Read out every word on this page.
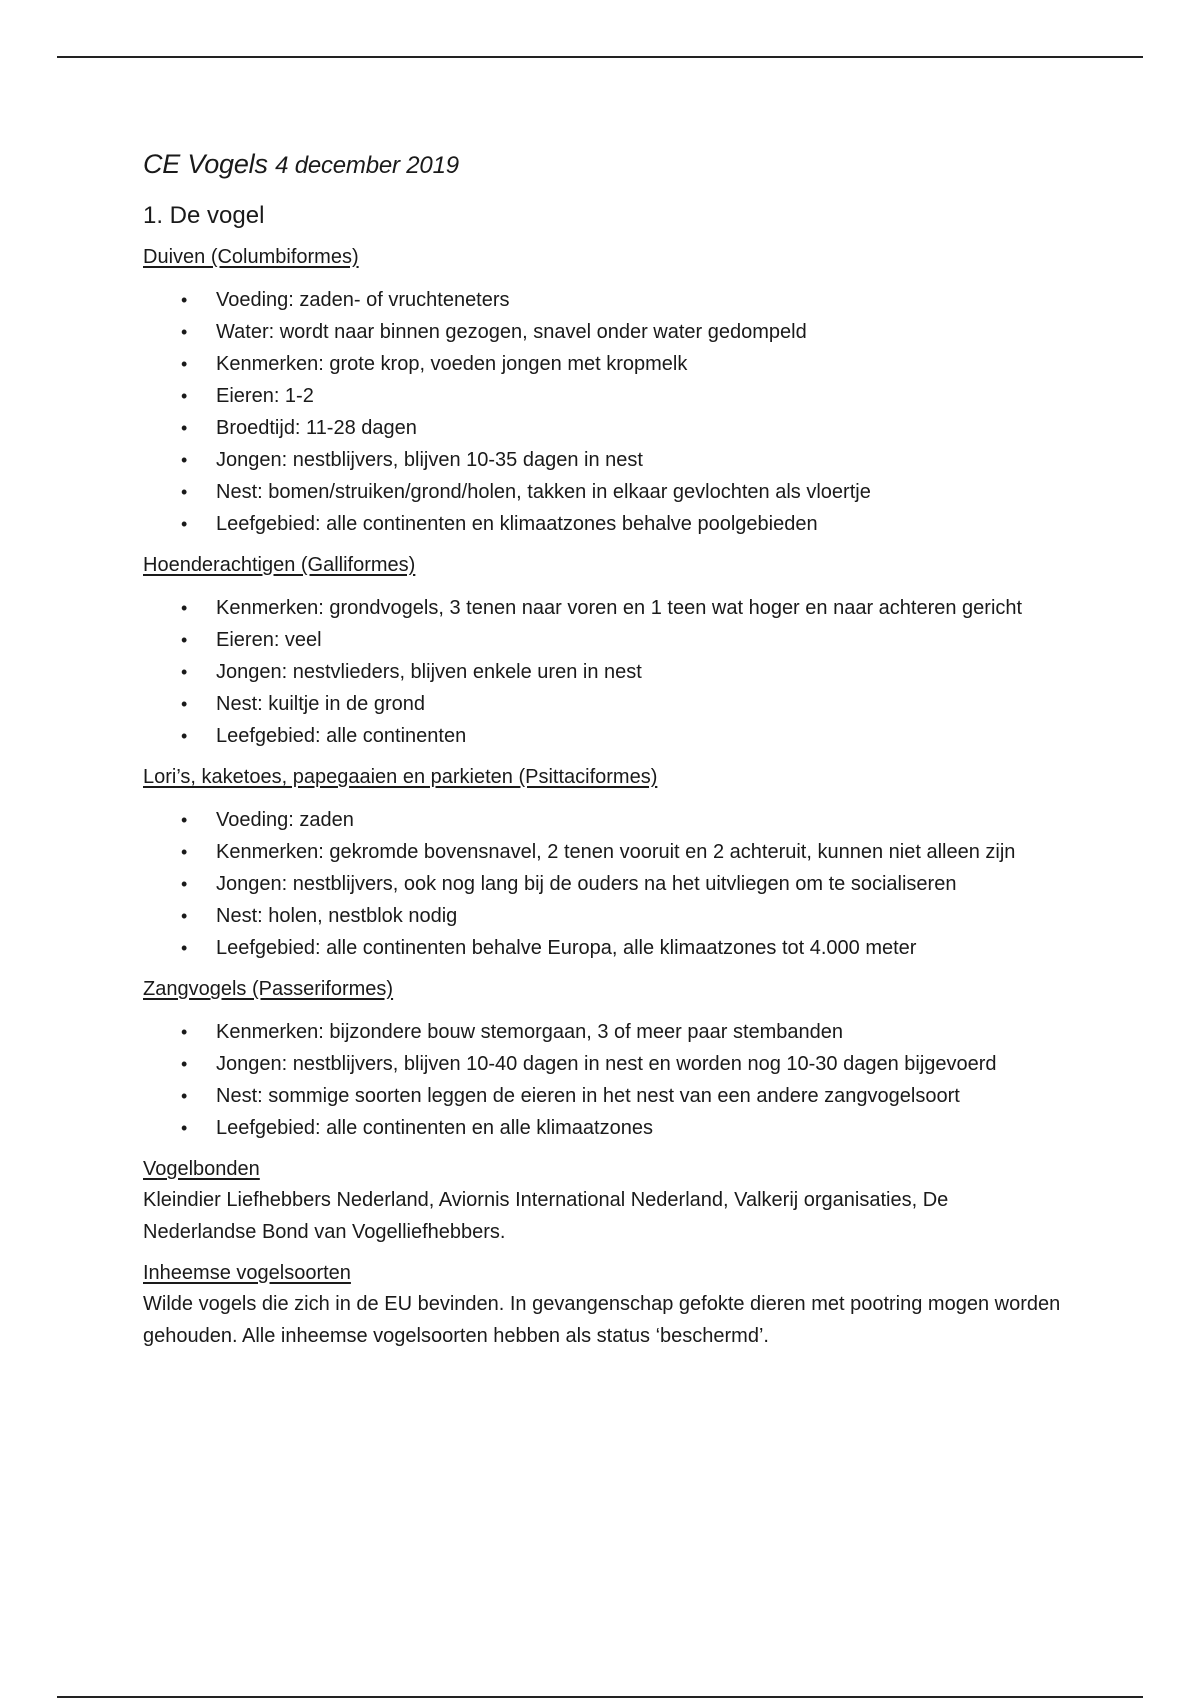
CE Vogels 4 december 2019
1. De vogel
Duiven (Columbiformes)
• Voeding: zaden- of vruchteneters
• Water: wordt naar binnen gezogen, snavel onder water gedompeld
• Kenmerken: grote krop, voeden jongen met kropmelk
• Eieren: 1-2
• Broedtijd: 11-28 dagen
• Jongen: nestblijvers, blijven 10-35 dagen in nest
• Nest: bomen/struiken/grond/holen, takken in elkaar gevlochten als vloertje
• Leefgebied: alle continenten en klimaatzones behalve poolgebieden
Hoenderachtigen (Galliformes)
• Kenmerken: grondvogels, 3 tenen naar voren en 1 teen wat hoger en naar achteren gericht
• Eieren: veel
• Jongen: nestvlieders, blijven enkele uren in nest
• Nest: kuiltje in de grond
• Leefgebied: alle continenten
Lori’s, kaketoes, papegaaien en parkieten (Psittaciformes)
• Voeding: zaden
• Kenmerken: gekromde bovensnavel, 2 tenen vooruit en 2 achteruit, kunnen niet alleen zijn
• Jongen: nestblijvers, ook nog lang bij de ouders na het uitvliegen om te socialiseren
• Nest: holen, nestblok nodig
• Leefgebied: alle continenten behalve Europa, alle klimaatzones tot 4.000 meter
Zangvogels (Passeriformes)
• Kenmerken: bijzondere bouw stemorgaan, 3 of meer paar stembanden
• Jongen: nestblijvers, blijven 10-40 dagen in nest en worden nog 10-30 dagen bijgevoerd
• Nest: sommige soorten leggen de eieren in het nest van een andere zangvogelsoort
• Leefgebied: alle continenten en alle klimaatzones
Vogelbonden

Kleindier Liefhebbers Nederland, Aviornis International Nederland, Valkerij organisaties, De Nederlandse Bond van Vogelliefhebbers.

Inheemse vogelsoorten

Wilde vogels die zich in de EU bevinden. In gevangenschap gefokte dieren met pootring mogen worden gehouden. Alle inheemse vogelsoorten hebben als status ‘beschermd’.
